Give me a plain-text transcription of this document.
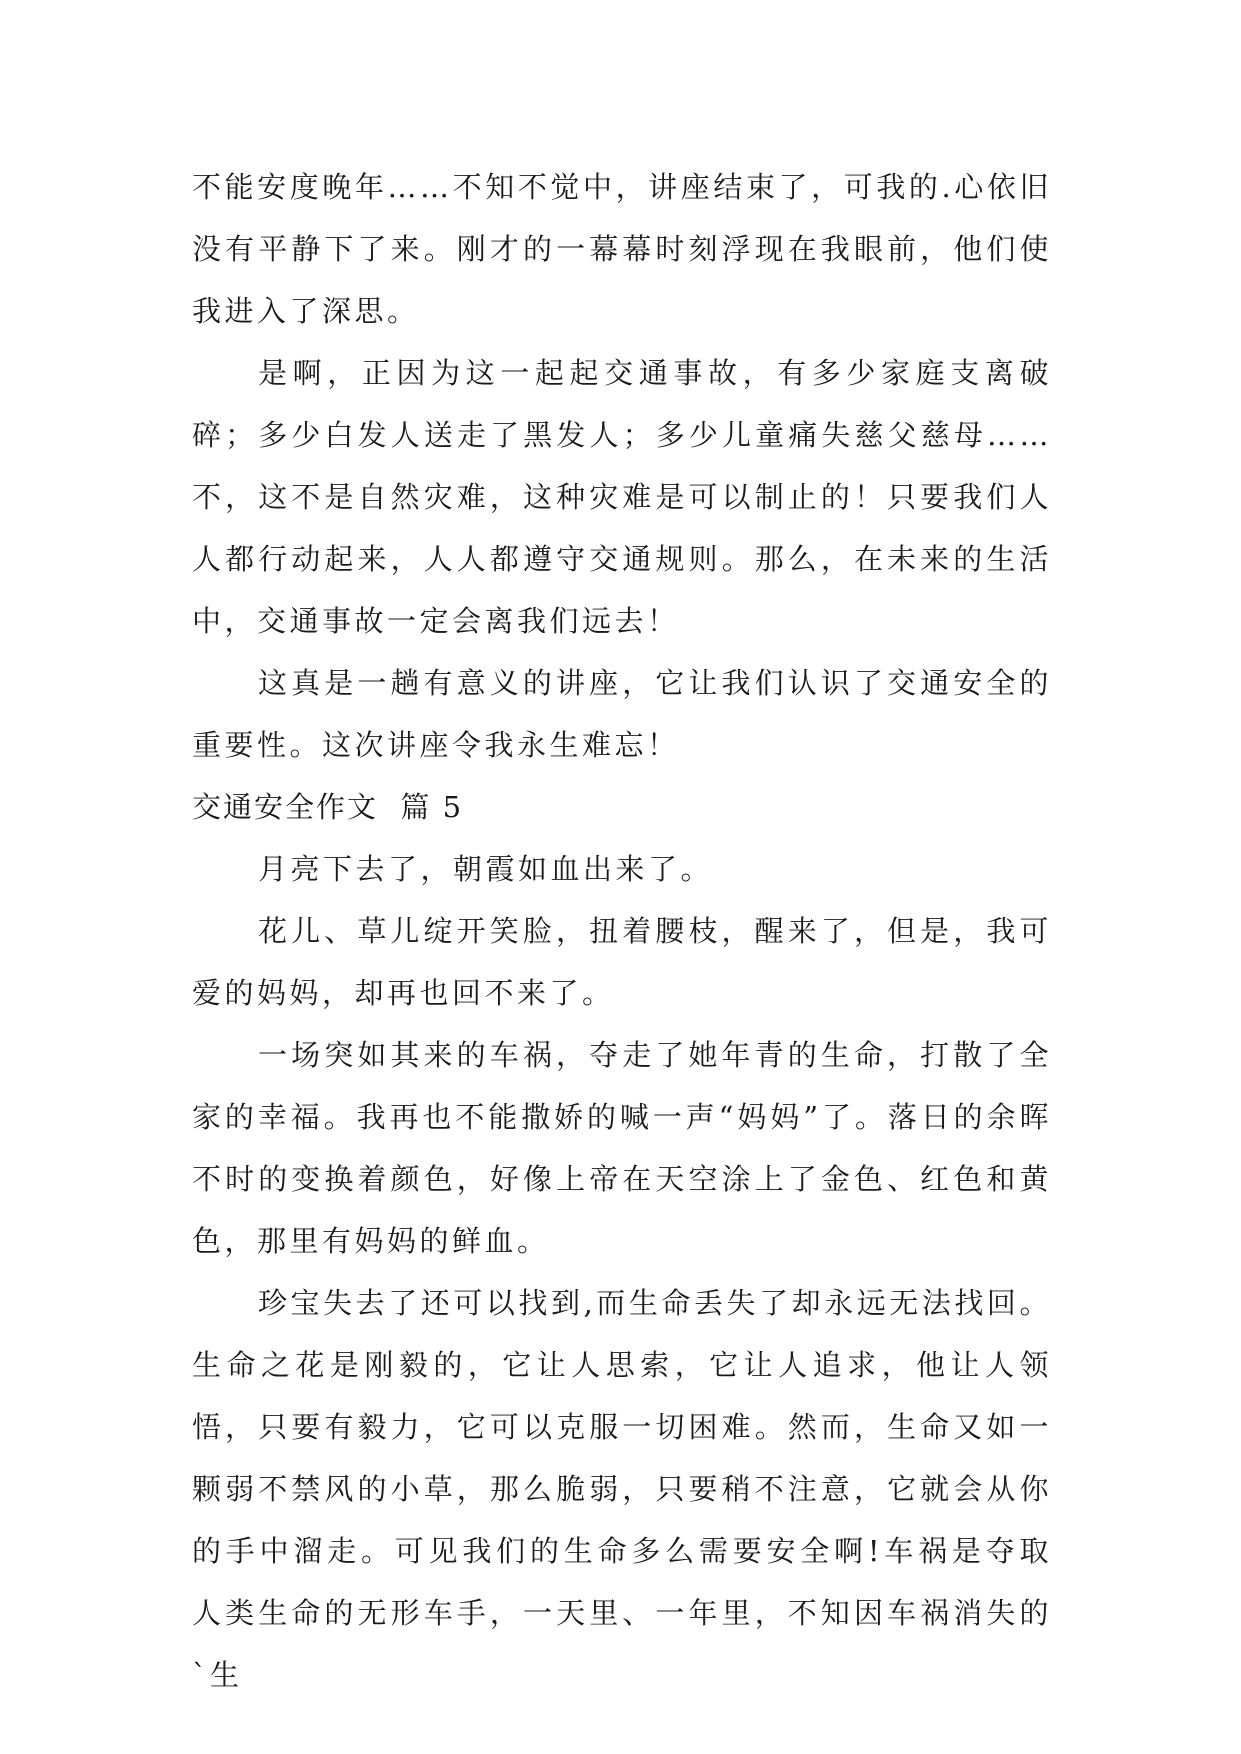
不能安度晚年……不知不觉中，讲座结束了，可我的.心依旧没有平静下了来。刚才的一幕幕时刻浮现在我眼前，他们使我进入了深思。

是啊，正因为这一起起交通事故，有多少家庭支离破碎；多少白发人送走了黑发人；多少儿童痛失慈父慈母……不，这不是自然灾难，这种灾难是可以制止的！只要我们人人都行动起来，人人都遵守交通规则。那么，在未来的生活中，交通事故一定会离我们远去！

这真是一趟有意义的讲座，它让我们认识了交通安全的重要性。这次讲座令我永生难忘！

交通安全作文  篇 5

月亮下去了，朝霞如血出来了。

花儿、草儿绽开笑脸，扭着腰枝，醒来了，但是，我可爱的妈妈，却再也回不来了。

一场突如其来的车祸，夺走了她年青的生命，打散了全家的幸福。我再也不能撒娇的喊一声“妈妈”了。落日的余晖不时的变换着颜色，好像上帝在天空涂上了金色、红色和黄色，那里有妈妈的鲜血。

珍宝失去了还可以找到,而生命丢失了却永远无法找回。生命之花是刚毅的，它让人思索，它让人追求，他让人领悟，只要有毅力，它可以克服一切困难。然而，生命又如一颗弱不禁风的小草，那么脆弱，只要稍不注意，它就会从你的手中溜走。可见我们的生命多么需要安全啊!车祸是夺取人类生命的无形车手，一天里、一年里，不知因车祸消失的`生
